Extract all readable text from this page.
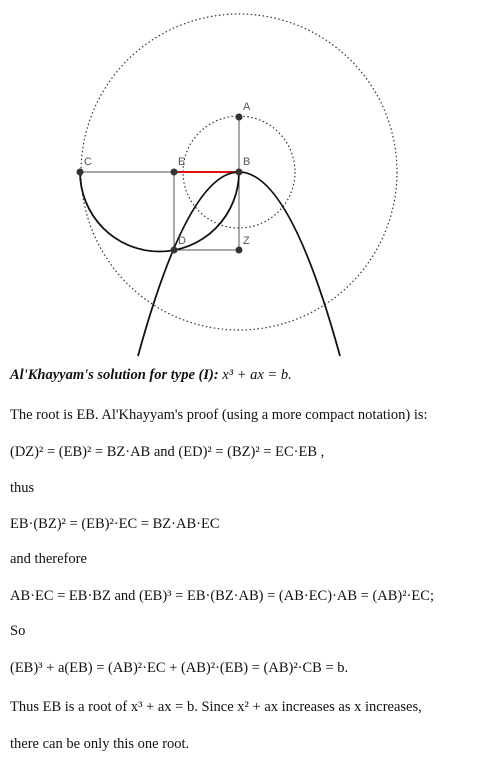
A
B
C	E
D	Z
Al'Khayyam's solution for type (I): x³ + ax = b.
The root is EB. Al'Khayyam's proof (using a more compact notation) is:
(DZ)² = (EB)² = BZ·AB and (ED)² = (BZ)² = EC·EB ,
thus
EB·(BZ)² = (EB)²·EC = BZ·AB·EC
and therefore
AB·EC = EB·BZ and (EB)³ = EB·(BZ·AB) = (AB·EC)·AB = (AB)²·EC;
So
(EB)³ + a(EB) = (AB)²·EC + (AB)²·(EB) = (AB)²·CB = b.
Thus EB is a root of x³ + ax = b. Since x² + ax increases as x increases,
there can be only this one root.
